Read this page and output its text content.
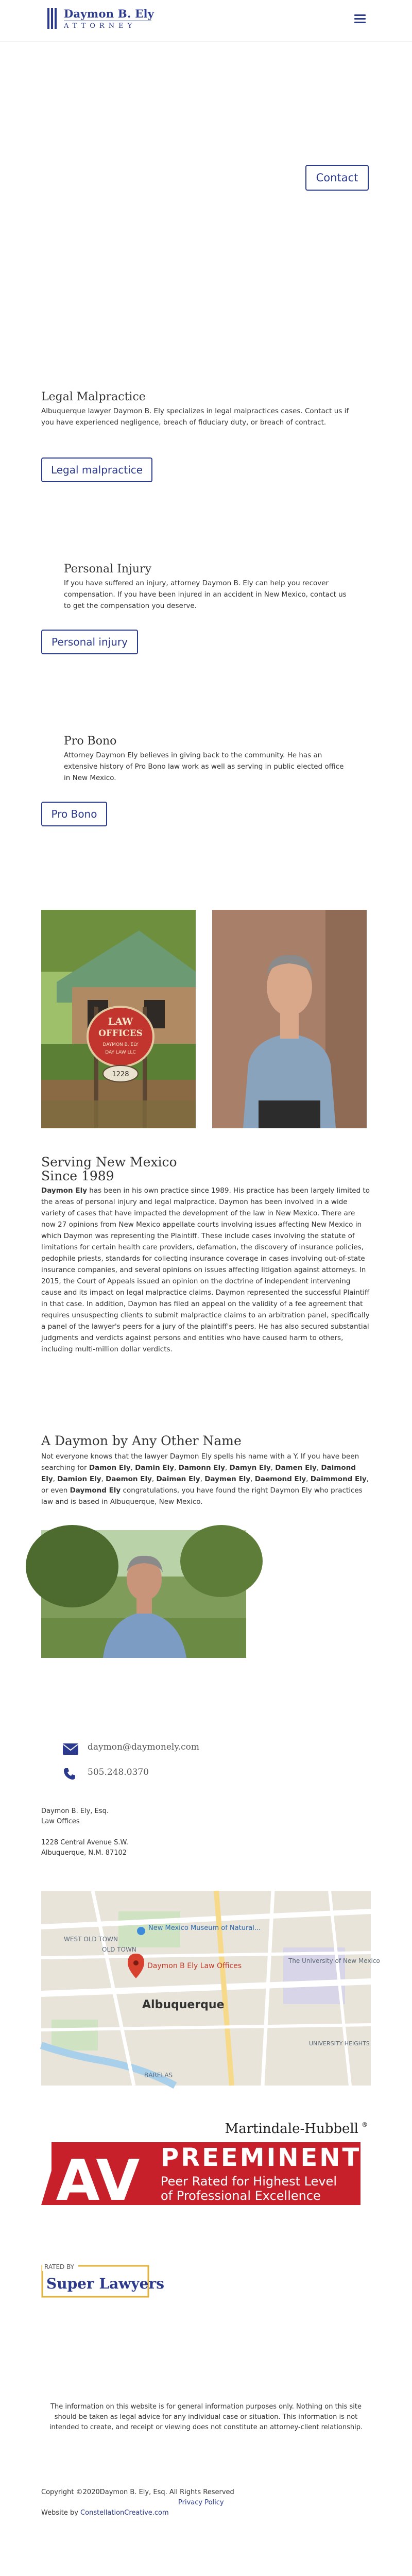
Daymon B. Ely
ATTORNEY
Contact
Legal Malpractice
Albuquerque lawyer Daymon B. Ely specializes in legal malpractices cases. Contact us if you have experienced negligence, breach of fiduciary duty, or breach of contract.
Legal malpractice
Personal Injury
If you have suffered an injury, attorney Daymon B. Ely can help you recover compensation. If you have been injured in an accident in New Mexico, contact us to get the compensation you deserve.
Personal injury
Pro Bono
Attorney Daymon Ely believes in giving back to the community. He has an extensive history of Pro Bono law work as well as serving in public elected office in New Mexico.
Pro Bono
LAW
OFFICES
DAYMON B. ELY
DAY LAW LLC
1228
Serving New Mexico
Since 1989
Daymon Ely has been in his own practice since 1989. His practice has been largely limited to the areas of personal injury and legal malpractice. Daymon has been involved in a wide variety of cases that have impacted the development of the law in New Mexico. There are now 27 opinions from New Mexico appellate courts involving issues affecting New Mexico in which Daymon was representing the Plaintiff. These include cases involving the statute of limitations for certain health care providers, defamation, the discovery of insurance policies, pedophile priests, standards for collecting insurance coverage in cases involving out-of-state insurance companies, and several opinions on issues affecting litigation against attorneys. In 2015, the Court of Appeals issued an opinion on the doctrine of independent intervening cause and its impact on legal malpractice claims. Daymon represented the successful Plaintiff in that case. In addition, Daymon has filed an appeal on the validity of a fee agreement that requires unsuspecting clients to submit malpractice claims to an arbitration panel, specifically a panel of the lawyer's peers for a jury of the plaintiff's peers. He has also secured substantial judgments and verdicts against persons and entities who have caused harm to others, including multi-million dollar verdicts.
A Daymon by Any Other Name
Not everyone knows that the lawyer Daymon Ely spells his name with a Y. If you have been searching for Damon Ely, Damin Ely, Damonn Ely, Damyn Ely, Damen Ely, Daimond Ely, Damion Ely, Daemon Ely, Daimen Ely, Daymen Ely, Daemond Ely, Daimmond Ely, or even Daymond Ely congratulations, you have found the right Daymon Ely who practices law and is based in Albuquerque, New Mexico.
daymon@daymonely.com
505.248.0370
Daymon B. Ely, Esq.
Law Offices
1228 Central Avenue S.W.
Albuquerque, N.M. 87102
WEST OLD TOWN
OLD TOWN
New Mexico Museum of Natural...
Daymon B Ely Law Offices
Albuquerque
The University of New Mexico
UNIVERSITY HEIGHTS
BARELAS
Martindale-Hubbell ®
AV PREEMINENT
Peer Rated for Highest Level
of Professional Excellence
RATED BY
Super Lawyers
The information on this website is for general information purposes only. Nothing on this site should be taken as legal advice for any individual case or situation. This information is not intended to create, and receipt or viewing does not constitute an attorney-client relationship.
Copyright ©2020Daymon B. Ely, Esq. All Rights Reserved
Privacy Policy
Website by ConstellationCreative.com
